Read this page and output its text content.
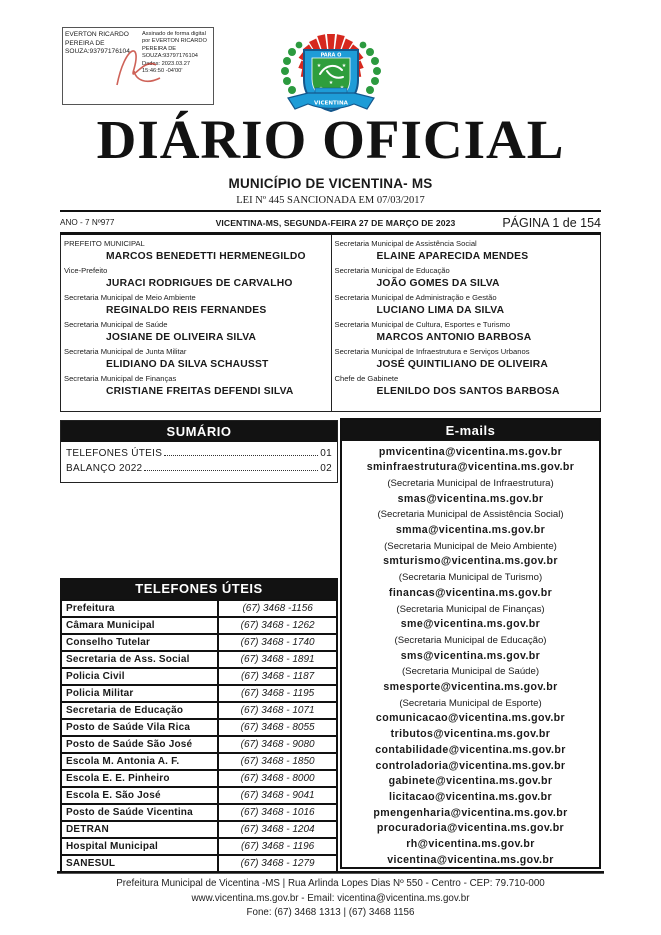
EVERTON RICARDO PEREIRA DE SOUZA:93797176104
Assinado de forma digital por EVERTON RICARDO PEREIRA DE SOUZA:93797176104 Dados: 2023.03.27 15:46:50 -04'00'
PARA O
★	★
★
VICENTINA
DIÁRIO OFICIAL
MUNICÍPIO DE VICENTINA- MS
LEI Nº 445 SANCIONADA EM 07/03/2017
ANO - 7 Nº977	VICENTINA-MS, SEGUNDA-FEIRA 27 DE MARÇO DE 2023	PÁGINA 1 de 154
PREFEITO MUNICIPAL
MARCOS BENEDETTI HERMENEGILDO
Vice-Prefeito
JURACI RODRIGUES DE CARVALHO
Secretaria Municipal de Meio Ambiente
REGINALDO REIS FERNANDES
Secretaria Municipal de Saúde
JOSIANE DE OLIVEIRA SILVA
Secretaria Municipal de Junta Militar
ELIDIANO DA SILVA SCHAUSST
Secretaria Municipal de Finanças
CRISTIANE FREITAS DEFENDI SILVA
Secretaria Municipal de Assistência Social
ELAINE APARECIDA MENDES
Secretaria Municipal de Educação
JOÃO GOMES DA SILVA
Secretaria Municipal de Administração e Gestão
LUCIANO LIMA DA SILVA
Secretaria Municipal de Cultura, Esportes e Turismo
MARCOS ANTONIO BARBOSA
Secretaria Municipal de Infraestrutura e Serviços Urbanos
JOSÉ QUINTILIANO DE OLIVEIRA
Chefe de Gabinete
ELENILDO DOS SANTOS BARBOSA
SUMÁRIO
TELEFONES ÚTEIS	01
BALANÇO 2022	02
TELEFONES ÚTEIS
Prefeitura	(67) 3468 -1156
Câmara Municipal	(67) 3468 - 1262
Conselho Tutelar	(67) 3468 - 1740
Secretaria de Ass. Social	(67) 3468 - 1891
Policia Civil	(67) 3468 - 1187
Policia Militar	(67) 3468 - 1195
Secretaria de Educação	(67) 3468 - 1071
Posto de Saúde Vila Rica	(67) 3468 - 8055
Posto de Saúde São José	(67) 3468 - 9080
Escola M. Antonia A. F.	(67) 3468 - 1850
Escola E. E. Pinheiro	(67) 3468 - 8000
Escola E. São José	(67) 3468 - 9041
Posto de Saúde Vicentina	(67) 3468 - 1016
DETRAN	(67) 3468 - 1204
Hospital Municipal	(67) 3468 - 1196
SANESUL	(67) 3468 - 1279
E-mails
pmvicentina@vicentina.ms.gov.br
sminfraestrutura@vicentina.ms.gov.br
(Secretaria Municipal de Infraestrutura)
smas@vicentina.ms.gov.br
(Secretaria Municipal de Assistência Social)
smma@vicentina.ms.gov.br
(Secretaria Municipal de Meio Ambiente)
smturismo@vicentina.ms.gov.br
(Secretaria Municipal de Turismo)
financas@vicentina.ms.gov.br
(Secretaria Municipal de Finanças)
sme@vicentina.ms.gov.br
(Secretaria Municipal de Educação)
sms@vicentina.ms.gov.br
(Secretaria Municipal de Saúde)
smesporte@vicentina.ms.gov.br
(Secretaria Municipal de Esporte)
comunicacao@vicentina.ms.gov.br
tributos@vicentina.ms.gov.br
contabilidade@vicentina.ms.gov.br
controladoria@vicentina.ms.gov.br
gabinete@vicentina.ms.gov.br
licitacao@vicentina.ms.gov.br
pmengenharia@vicentina.ms.gov.br
procuradoria@vicentina.ms.gov.br
rh@vicentina.ms.gov.br
vicentina@vicentina.ms.gov.br
Prefeitura Municipal de Vicentina -MS | Rua Arlinda Lopes Dias Nº 550 - Centro - CEP: 79.710-000
www.vicentina.ms.gov.br - Email: vicentina@vicentina.ms.gov.br
Fone: (67) 3468 1313 | (67) 3468 1156
